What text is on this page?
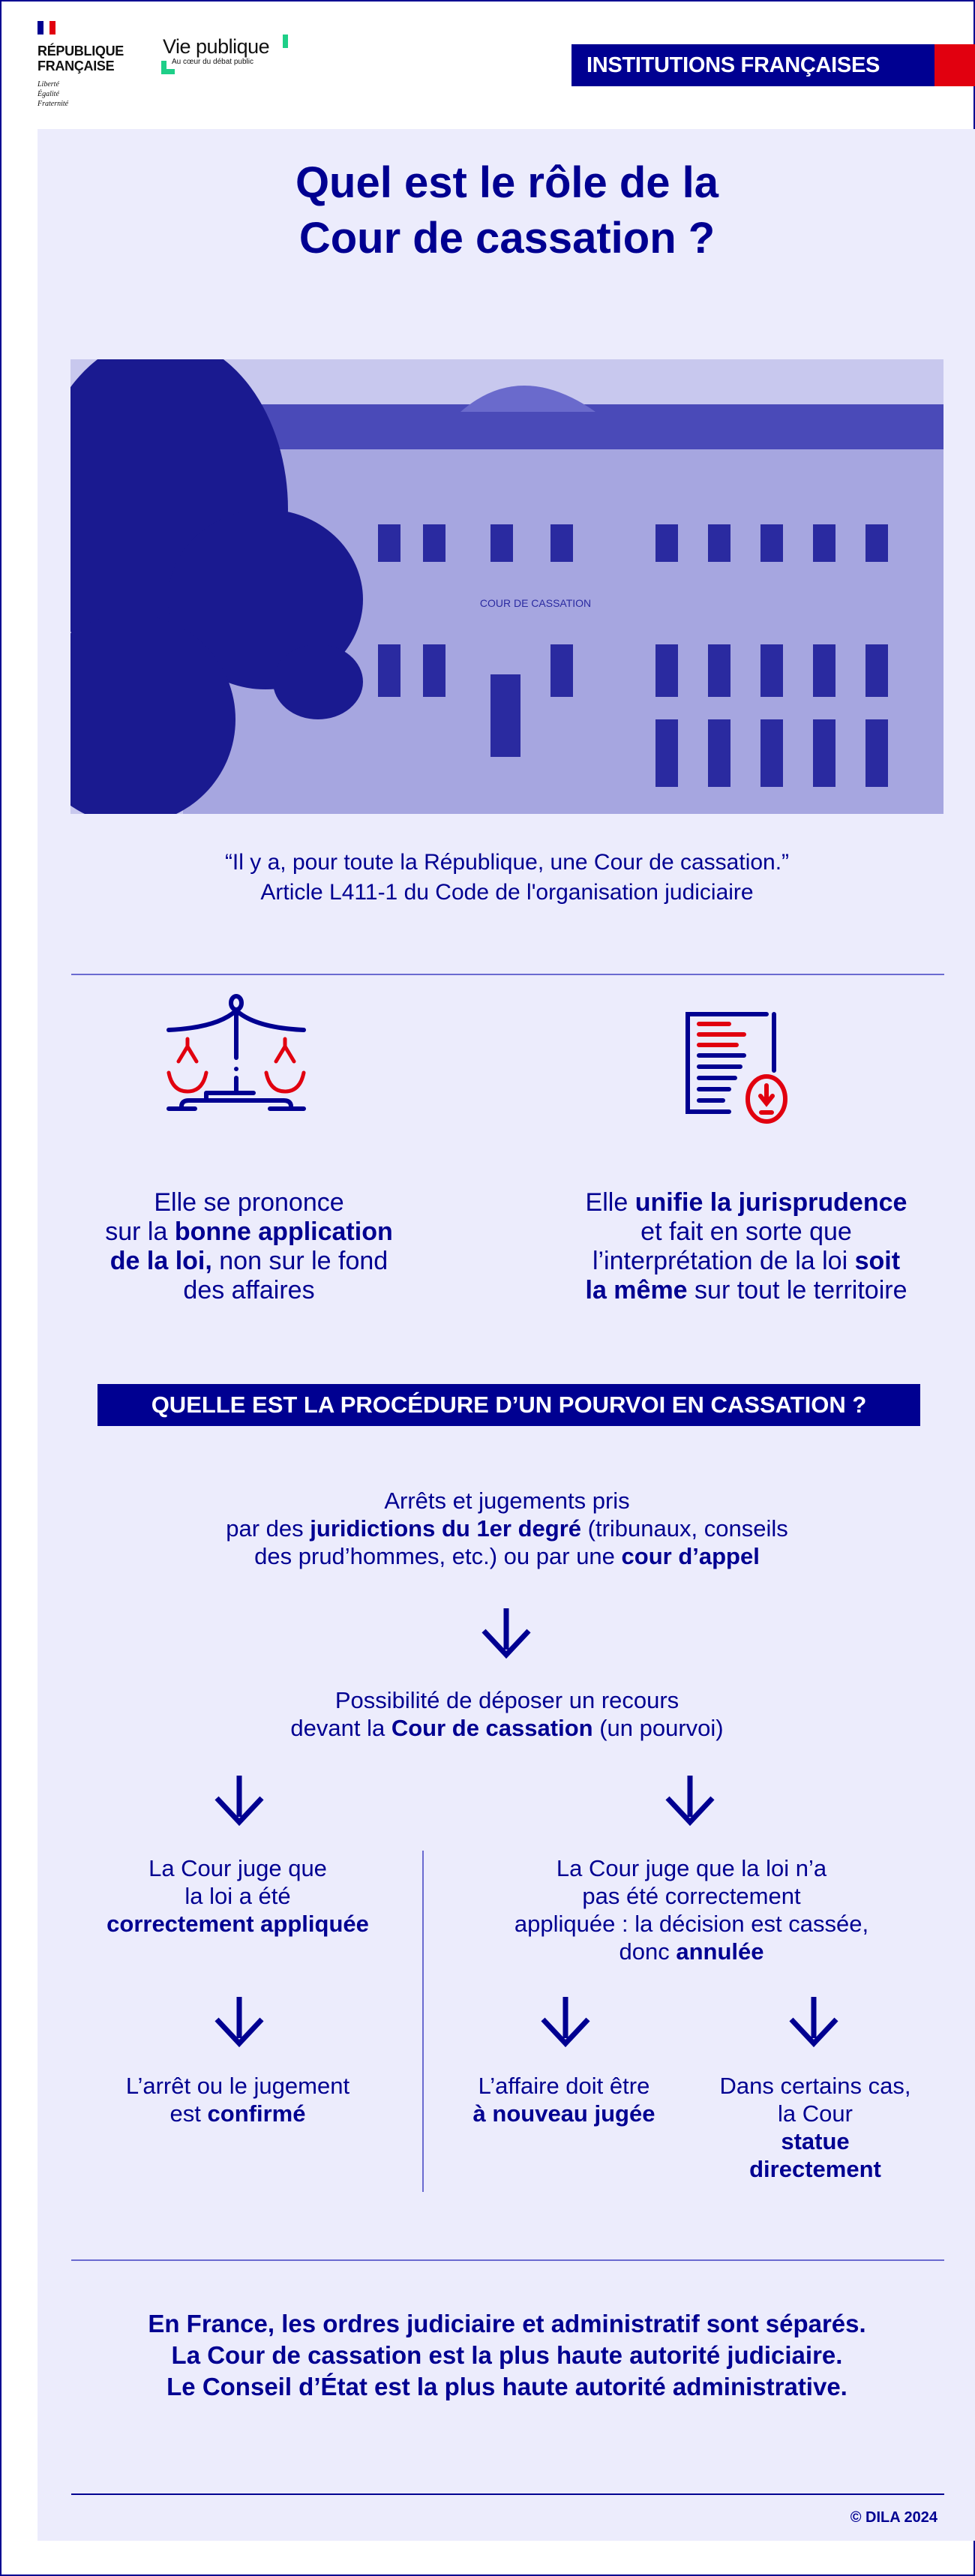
RÉPUBLIQUE
FRANÇAISE
Liberté
Égalité
Fraternité
Vie publique
Au cœur du débat public	INSTITUTIONS FRANÇAISES
Quel est le rôle de la
Cour de cassation ?
COUR DE CASSATION
“Il y a, pour toute la République, une Cour de cassation.”
Article L411-1 du Code de l'organisation judiciaire
Elle se prononce
sur la bonne application
de la loi, non sur le fond
des affaires
Elle unifie la jurisprudence
et fait en sorte que
l’interprétation de la loi soit
la même sur tout le territoire
QUELLE EST LA PROCÉDURE D’UN POURVOI EN CASSATION ?
Arrêts et jugements pris
par des juridictions du 1er degré (tribunaux, conseils
des prud’hommes, etc.) ou par une cour d’appel
Possibilité de déposer un recours
devant la Cour de cassation (un pourvoi)
La Cour juge que
la loi a été
correctement appliquée
La Cour juge que la loi n’a
pas été correctement
appliquée : la décision est cassée,
donc annulée
L’arrêt ou le jugement
est confirmé
L’affaire doit être
à nouveau jugée
Dans certains cas,
la Cour
statue
directement
En France, les ordres judiciaire et administratif sont séparés.
La Cour de cassation est la plus haute autorité judiciaire.
Le Conseil d’État est la plus haute autorité administrative.
© DILA 2024
